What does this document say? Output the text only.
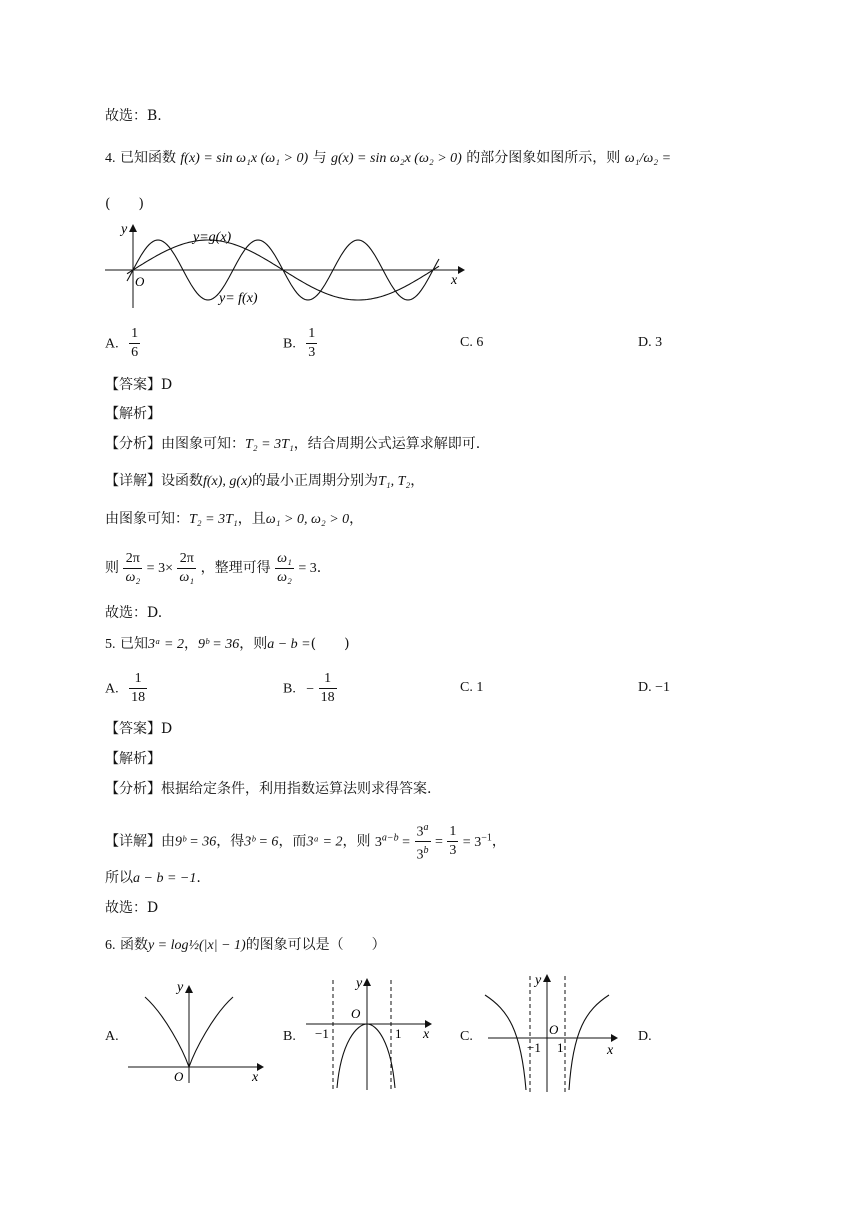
故选：B.
4. 已知函数 f(x) = sin ω₁x (ω₁ > 0) 与 g(x) = sin ω₂x (ω₂ > 0) 的部分图象如图所示，则 ω₁/ω₂ =
(　　)
y
x
O
y=g(x)
y= f(x)
A. $\frac{1}{6}$	B. $\frac{1}{3}$	C. 6	D. 3
【答案】D
【解析】
【分析】由图象可知：T₂ = 3T₁，结合周期公式运算求解即可.
【详解】设函数f(x), g(x)的最小正周期分别为T₁, T₂，
由图象可知：T₂ = 3T₁，且ω₁ > 0, ω₂ > 0，
则 $\frac{2\pi}{\text{ω₂}} = 3\times \frac{2\pi}{\text{ω₁}}$ ，整理可得 $\frac{\text{ω₁}}{\text{ω₂}} = 3$.
故选：D.
5. 已知3ᵃ = 2，9ᵇ = 36，则a − b =(　　)
A. $\frac{1}{18}$	B. − $\frac{1}{18}$	C. 1	D. −1
【答案】D
【解析】
【分析】根据给定条件，利用指数运算法则求得答案.
【详解】由9ᵇ = 36，得3ᵇ = 6，而3ᵃ = 2，则 $3^{a-b} = \frac{3^a}{3^b} = \frac{1}{3} = 3^{-1}$，
所以a − b = −1.
故选：D
6. 函数y = log½(|x| − 1)的图象可以是（　　）
A.	B.	C.	D.
y
x
O
y
x
O
−1	1
y
x
O
−1 1
